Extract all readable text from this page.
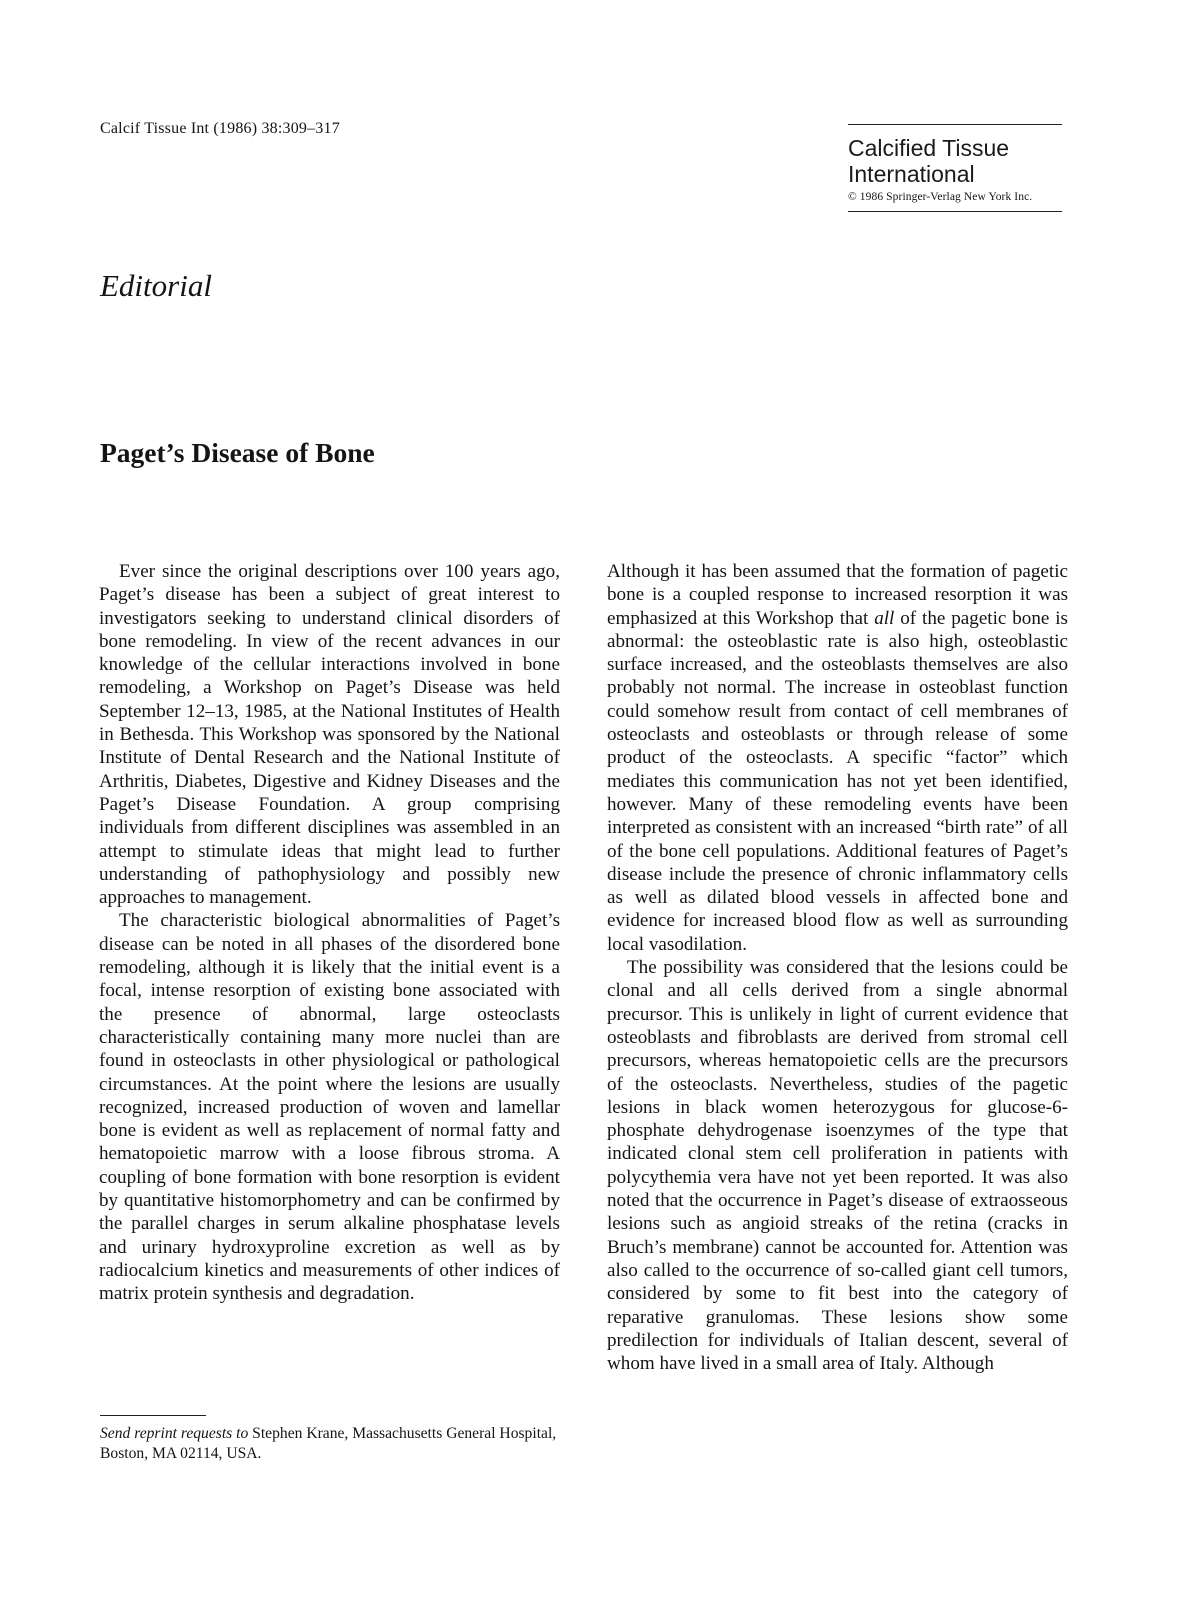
Calcif Tissue Int (1986) 38:309–317
Calcified Tissue International
© 1986 Springer-Verlag New York Inc.
Editorial
Paget’s Disease of Bone

Ever since the original descriptions over 100 years ago, Paget’s disease has been a subject of great interest to investigators seeking to understand clinical disorders of bone remodeling. In view of the recent advances in our knowledge of the cellular interactions involved in bone remodeling, a Workshop on Paget’s Disease was held September 12–13, 1985, at the National Institutes of Health in Bethesda. This Workshop was sponsored by the National Institute of Dental Research and the National Institute of Arthritis, Diabetes, Digestive and Kidney Diseases and the Paget’s Disease Foundation. A group comprising individuals from different disciplines was assembled in an attempt to stimulate ideas that might lead to further understanding of pathophysiology and possibly new approaches to management.

The characteristic biological abnormalities of Paget’s disease can be noted in all phases of the disordered bone remodeling, although it is likely that the initial event is a focal, intense resorption of existing bone associated with the presence of abnormal, large osteoclasts characteristically containing many more nuclei than are found in osteoclasts in other physiological or pathological circumstances. At the point where the lesions are usually recognized, increased production of woven and lamellar bone is evident as well as replacement of normal fatty and hematopoietic marrow with a loose fibrous stroma. A coupling of bone formation with bone resorption is evident by quantitative histomorphometry and can be confirmed by the parallel charges in serum alkaline phosphatase levels and urinary hydroxyproline excretion as well as by radiocalcium kinetics and measurements of other indices of matrix protein synthesis and degradation.

Although it has been assumed that the formation of pagetic bone is a coupled response to increased resorption it was emphasized at this Workshop that all of the pagetic bone is abnormal: the osteoblastic rate is also high, osteoblastic surface increased, and the osteoblasts themselves are also probably not normal. The increase in osteoblast function could somehow result from contact of cell membranes of osteoclasts and osteoblasts or through release of some product of the osteoclasts. A specific “factor” which mediates this communication has not yet been identified, however. Many of these remodeling events have been interpreted as consistent with an increased “birth rate” of all of the bone cell populations. Additional features of Paget’s disease include the presence of chronic inflammatory cells as well as dilated blood vessels in affected bone and evidence for increased blood flow as well as surrounding local vasodilation.

The possibility was considered that the lesions could be clonal and all cells derived from a single abnormal precursor. This is unlikely in light of current evidence that osteoblasts and fibroblasts are derived from stromal cell precursors, whereas hematopoietic cells are the precursors of the osteoclasts. Nevertheless, studies of the pagetic lesions in black women heterozygous for glucose-6-phosphate dehydrogenase isoenzymes of the type that indicated clonal stem cell proliferation in patients with polycythemia vera have not yet been reported. It was also noted that the occurrence in Paget’s disease of extraosseous lesions such as angioid streaks of the retina (cracks in Bruch’s membrane) cannot be accounted for. Attention was also called to the occurrence of so-called giant cell tumors, considered by some to fit best into the category of reparative granulomas. These lesions show some predilection for individuals of Italian descent, several of whom have lived in a small area of Italy. Although

Send reprint requests to Stephen Krane, Massachusetts General Hospital, Boston, MA 02114, USA.
